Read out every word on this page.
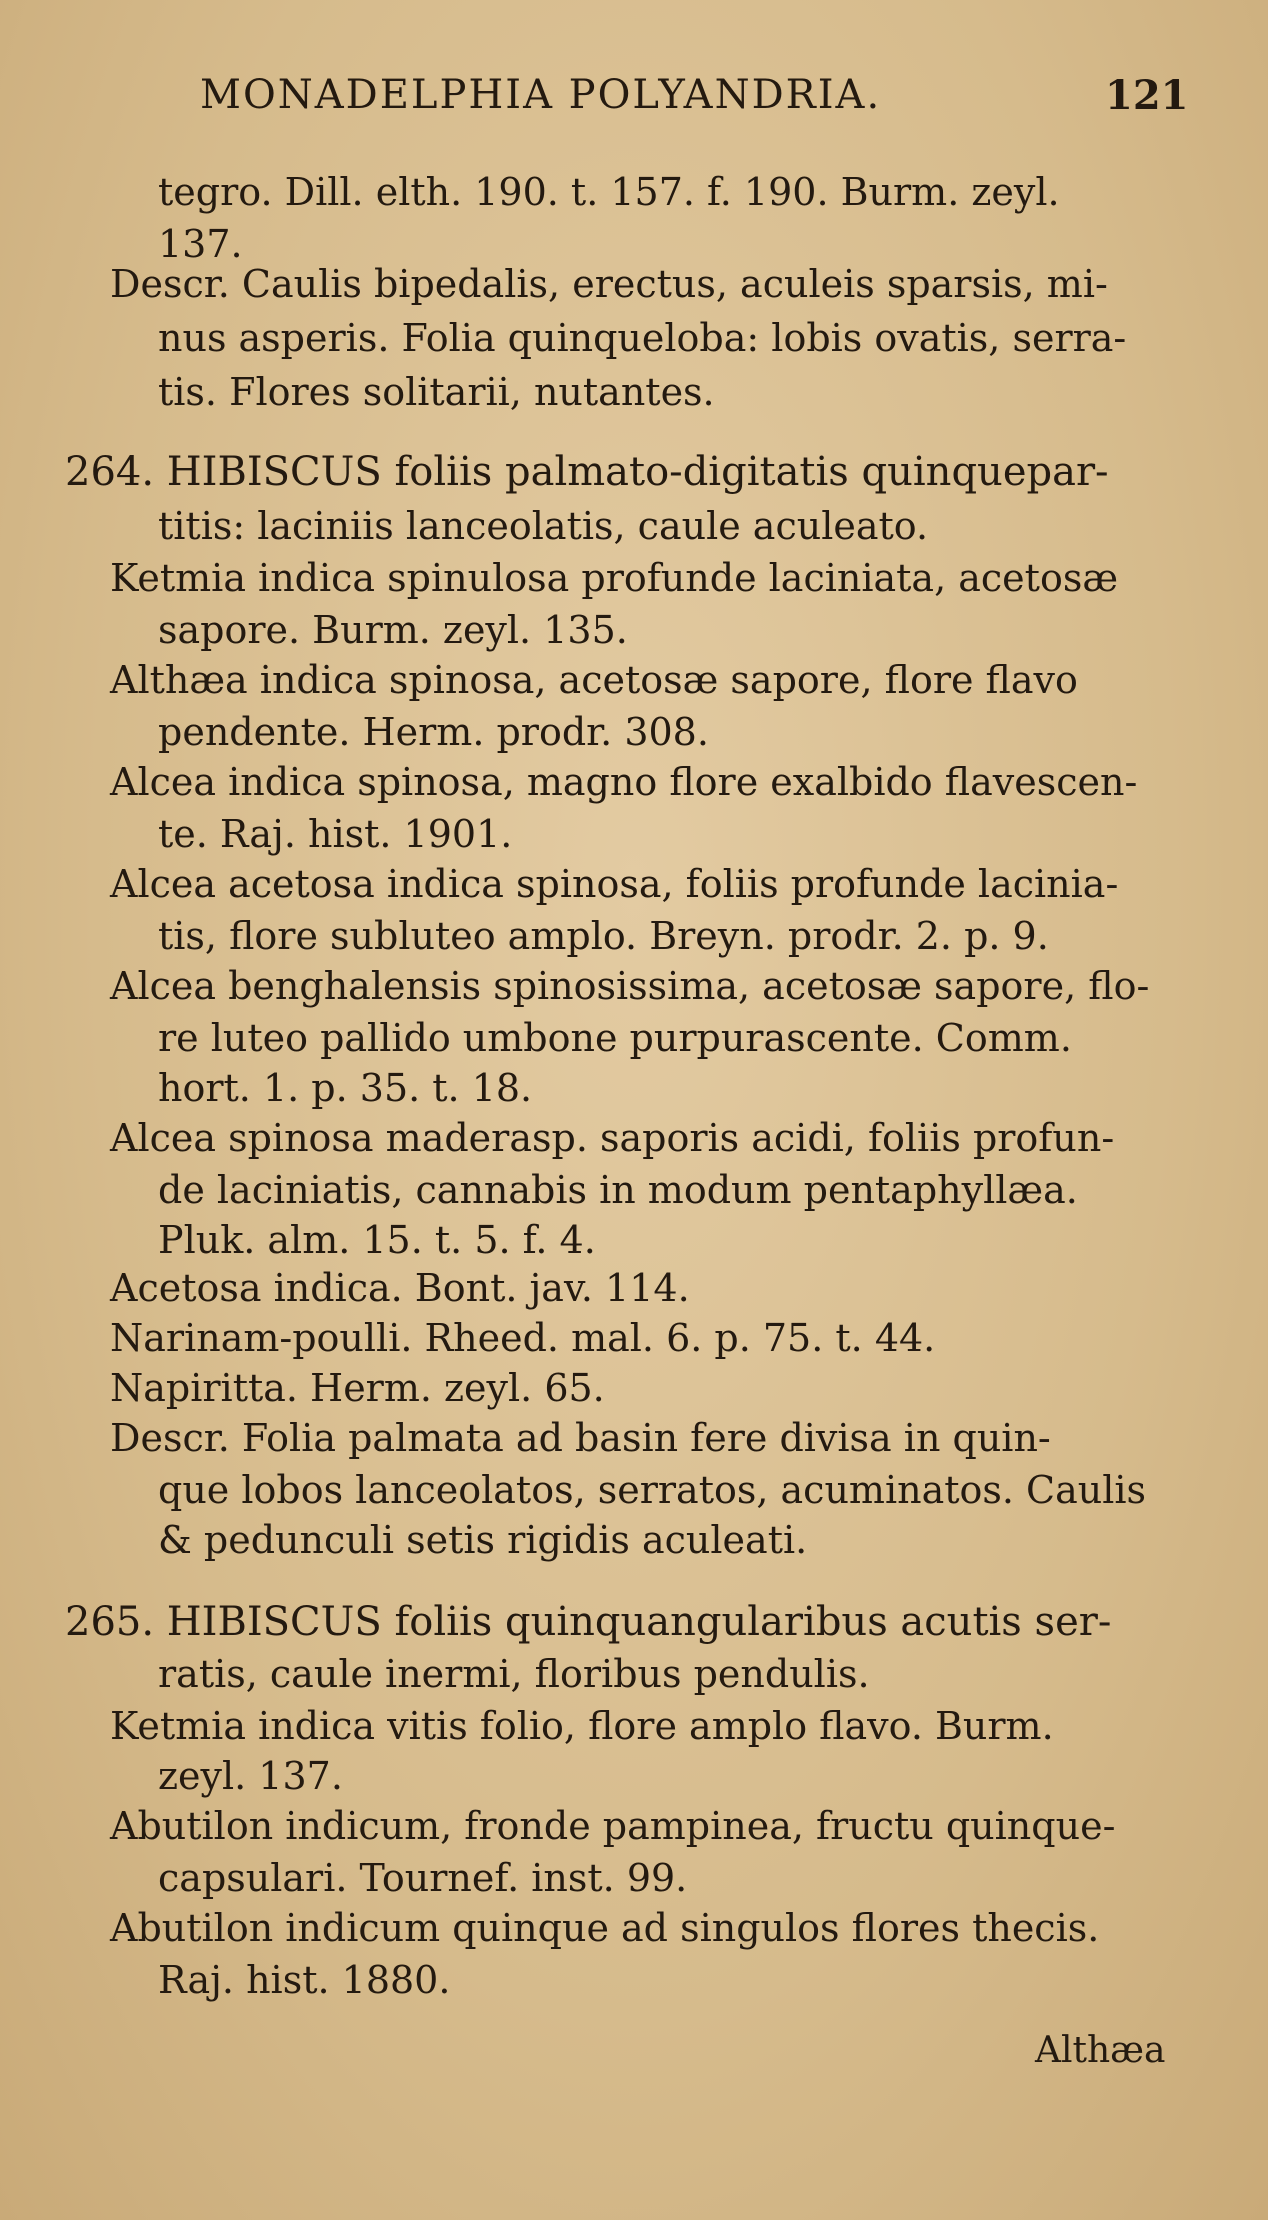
MONADELPHIA POLYANDRIA.	121
tegro. Dill. elth. 190. t. 157. f. 190. Burm. zeyl.
137.
Descr. Caulis bipedalis, erectus, aculeis sparsis, mi-
nus asperis. Folia quinqueloba: lobis ovatis, serra-
tis. Flores solitarii, nutantes.
264. HIBISCUS foliis palmato-digitatis quinquepar-
titis: laciniis lanceolatis, caule aculeato.
Ketmia indica spinulosa profunde laciniata, acetosæ
sapore. Burm. zeyl. 135.
Althæa indica spinosa, acetosæ sapore, flore flavo
pendente. Herm. prodr. 308.
Alcea indica spinosa, magno flore exalbido flavescen-
te. Raj. hist. 1901.
Alcea acetosa indica spinosa, foliis profunde lacinia-
tis, flore subluteo amplo. Breyn. prodr. 2. p. 9.
Alcea benghalensis spinosissima, acetosæ sapore, flo-
re luteo pallido umbone purpurascente. Comm.
hort. 1. p. 35. t. 18.
Alcea spinosa maderasp. saporis acidi, foliis profun-
de laciniatis, cannabis in modum pentaphyllæa.
Pluk. alm. 15. t. 5. f. 4.
Acetosa indica. Bont. jav. 114.
Narinam-poulli. Rheed. mal. 6. p. 75. t. 44.
Napiritta. Herm. zeyl. 65.
Descr. Folia palmata ad basin fere divisa in quin-
que lobos lanceolatos, serratos, acuminatos. Caulis
& pedunculi setis rigidis aculeati.
265. HIBISCUS foliis quinquangularibus acutis ser-
ratis, caule inermi, floribus pendulis.
Ketmia indica vitis folio, flore amplo flavo. Burm.
zeyl. 137.
Abutilon indicum, fronde pampinea, fructu quinque-
capsulari. Tournef. inst. 99.
Abutilon indicum quinque ad singulos flores thecis.
Raj. hist. 1880.
Althæa
